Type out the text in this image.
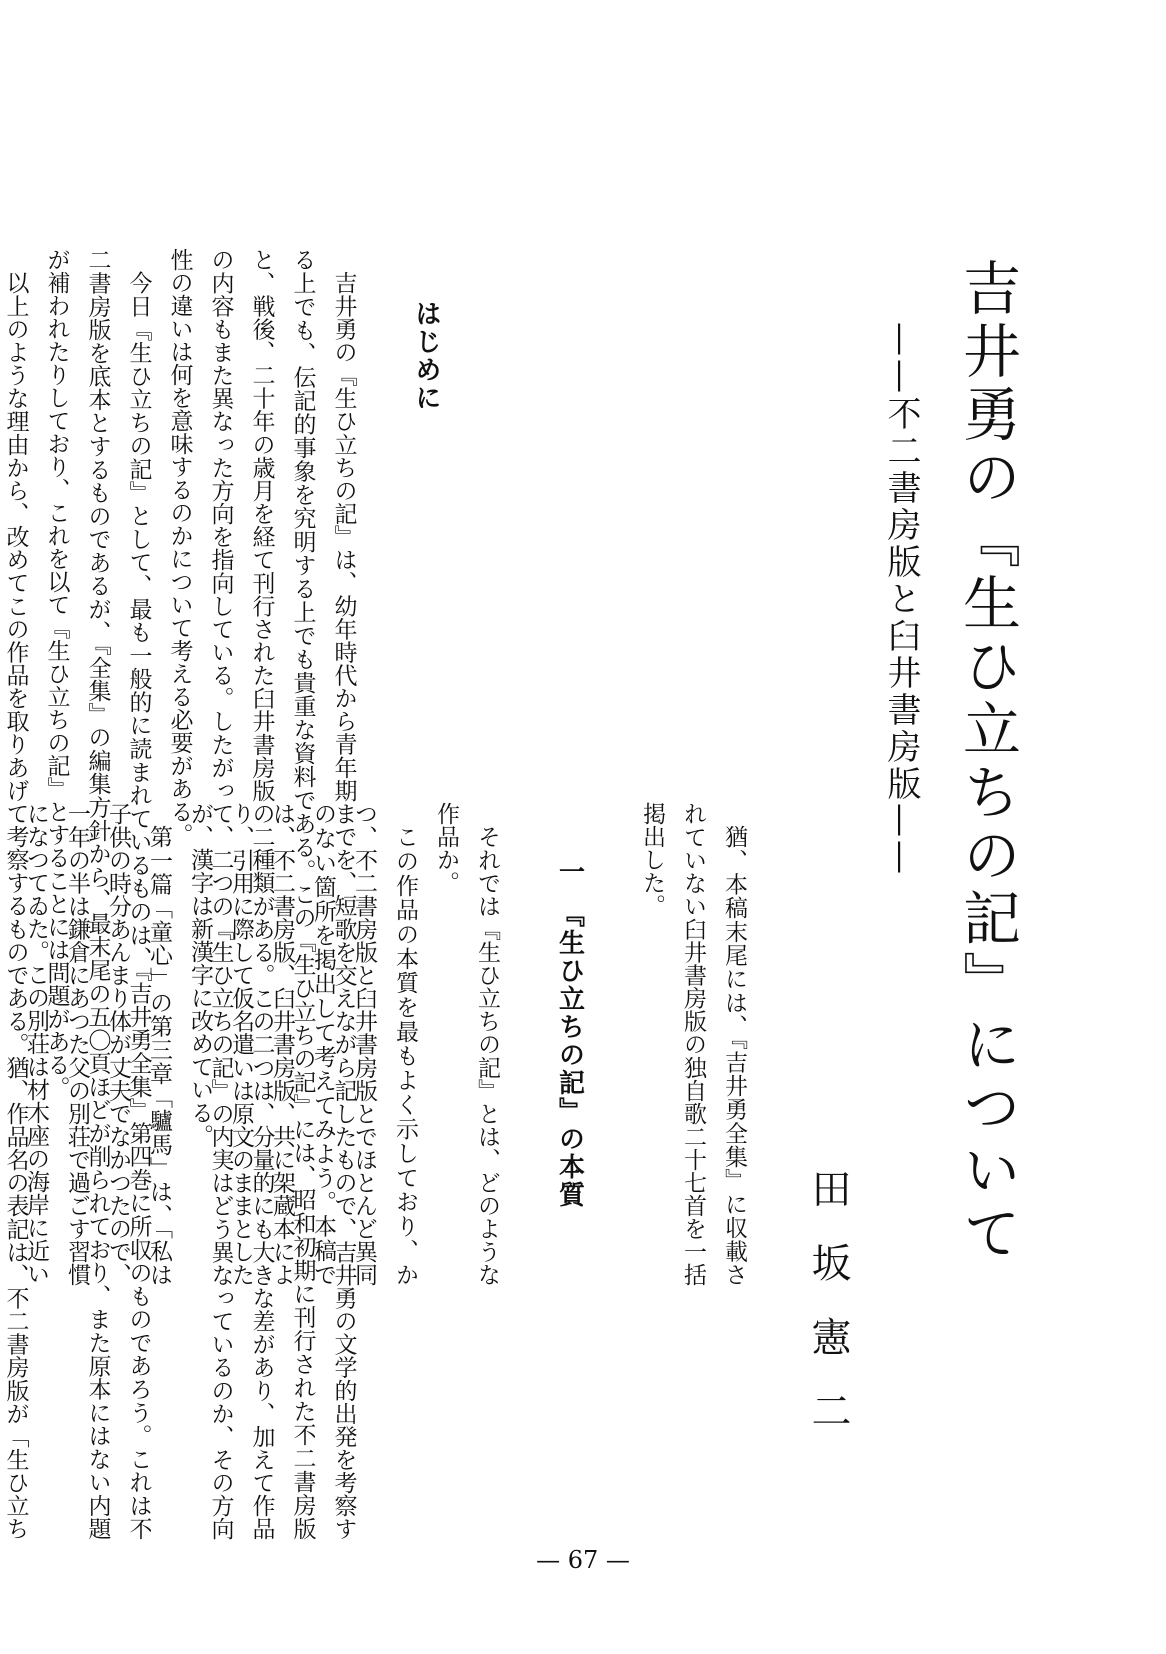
吉井勇の『生ひ立ちの記』について
——不二書房版と臼井書房版——
田坂憲二

はじめに

吉井勇の『生ひ立ちの記』は、幼年時代から青年期までを、短歌を交えながら記したもので、吉井勇の文学的出発を考察する上でも、伝記的事象を究明する上でも貴重な資料である。この『生ひ立ちの記』には、昭和初期に刊行された不二書房版と、戦後、二十年の歳月を経て刊行された臼井書房版の二種類がある。この二つは、分量的にも大きな差があり、加えて作品の内容もまた異なった方向を指向している。したがって、二つの『生ひ立ちの記』の内実はどう異なっているのか、その方向性の違いは何を意味するのかについて考える必要がある。

今日『生ひ立ちの記』として、最も一般的に読まれているものは、『吉井勇全集』第四巻に所収のものであろう。これは不二書房版を底本とするものであるが、『全集』の編集方針から、最末尾の五〇頁ほどが削られており、また原本にはない内題が補われたりしており、これを以て『生ひ立ちの記』とすることには問題がある。

以上のような理由から、改めてこの作品を取りあげて考察するものである。猶、作品名の表記は、不二書房版が「生ひ立ち

猶、本稿末尾には、『吉井勇全集』に収載されていない臼井書房版の独自歌二十七首を一括掲出した。

一　『生ひ立ちの記』の本質

それでは『生ひ立ちの記』とは、どのような作品か。

この作品の本質を最もよく示しており、かつ、不二書房版と臼井書房版とでほとんど異同のない箇所を掲出して考えてみよう。本稿では、不二書房版、臼井書房版、共に架蔵本により、引用に際して仮名遣いは原文のままとしたが、漢字は新漢字に改めている。

第一篇「童心」の第三章「驢馬」は、「私は子供の時分あんまり体が丈夫でなかつたので、一年の半は鎌倉にあつた父の別荘で過ごす習慣になつてゐた。この別荘は材木座の海岸に近い

— 67 —
